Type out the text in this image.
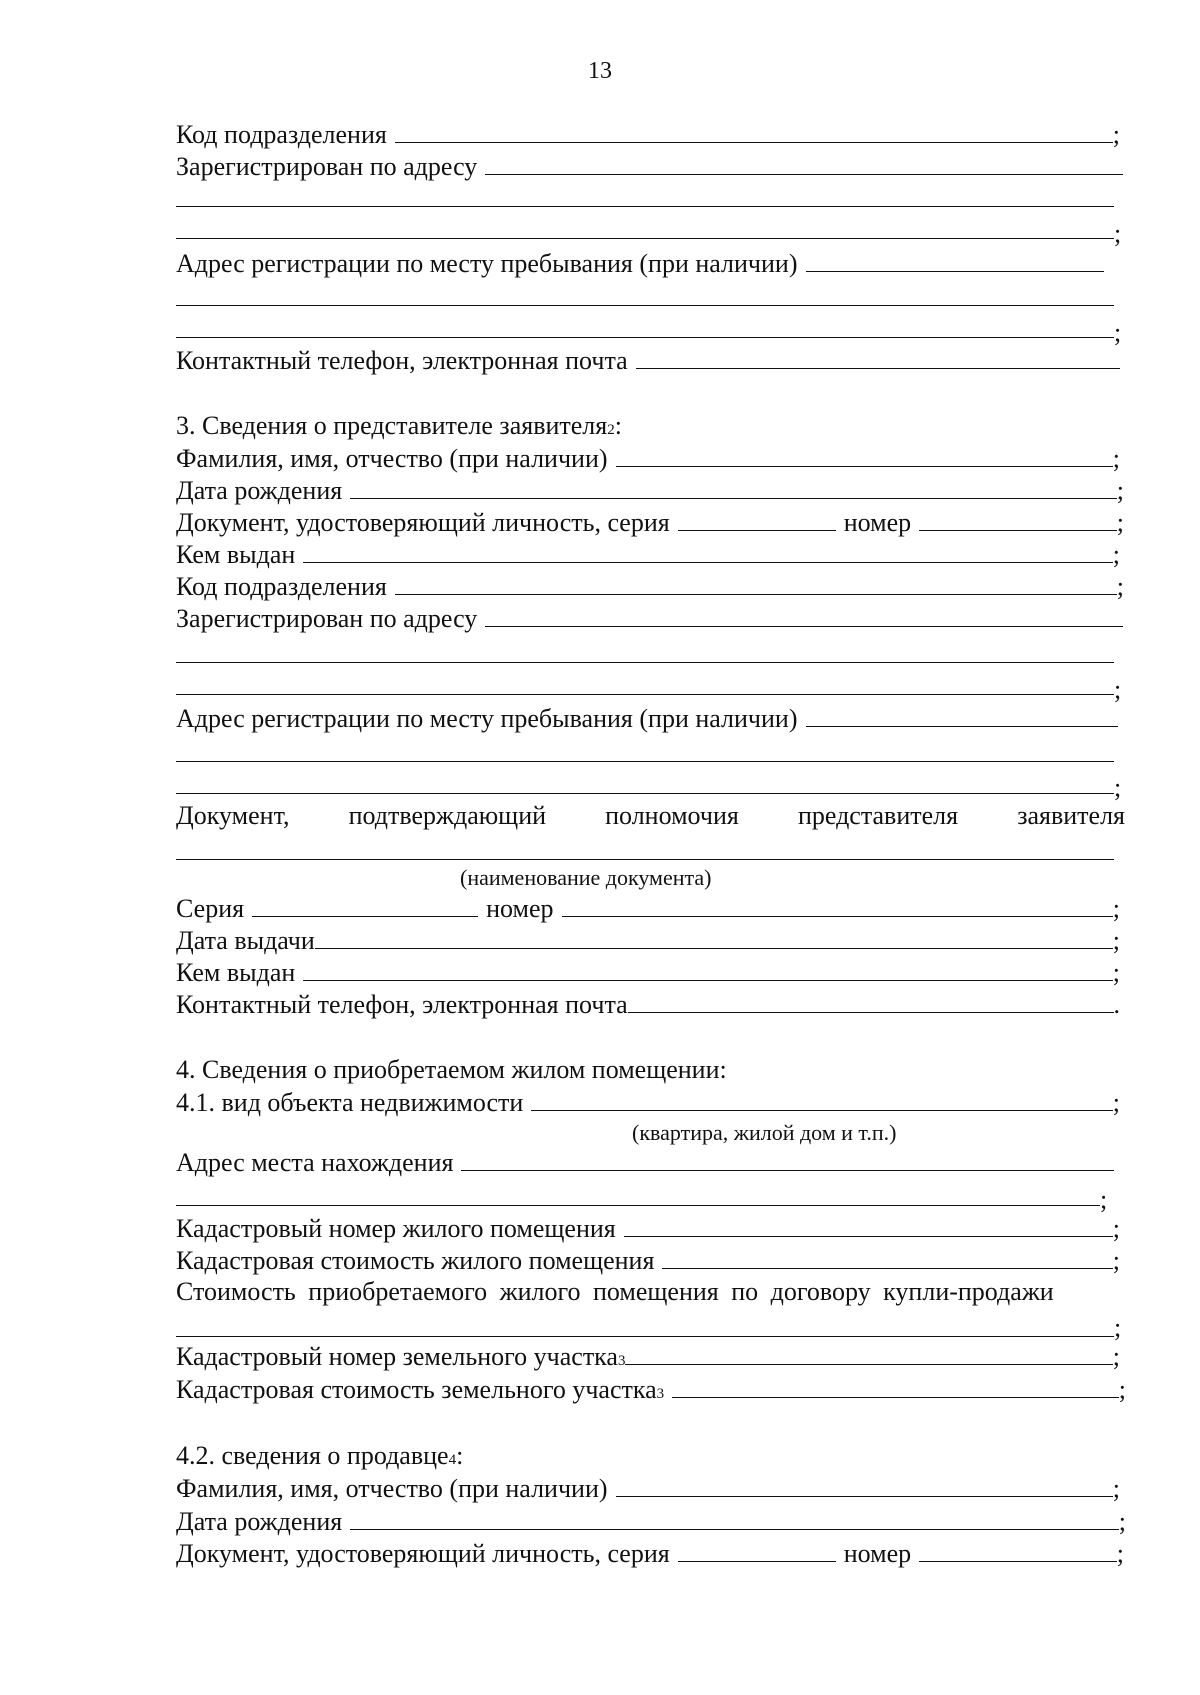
13
Код подразделения	;
Зарегистрирован по адресу
;
Адрес регистрации по месту пребывания (при наличии)
;
Контактный телефон, электронная почта
3. Сведения о представителе заявителя 2 :
Фамилия, имя, отчество (при наличии)	;
Дата рождения	;
Документ, удостоверяющий личность, серия	номер	;
Кем выдан	;
Код подразделения	;
Зарегистрирован по адресу
;
Адрес регистрации по месту пребывания (при наличии)
;
Документ, подтверждающий полномочия представителя заявителя
(наименование документа)
Серия	номер	;
Дата выдачи	;
Кем выдан	;
Контактный телефон, электронная почта	.
4. Сведения о приобретаемом жилом помещении:
4.1. вид объекта недвижимости	;
(квартира, жилой дом и т.п.)
Адрес места нахождения
;
Кадастровый номер жилого помещения	;
Кадастровая стоимость жилого помещения	;
Стоимость приобретаемого жилого помещения по договору купли-продажи
;
Кадастровый номер земельного участка 3	;
Кадастровая стоимость земельного участка 3	;
4.2. сведения о продавце 4 :
Фамилия, имя, отчество (при наличии)	;
Дата рождения	;
Документ, удостоверяющий личность, серия	номер	;
